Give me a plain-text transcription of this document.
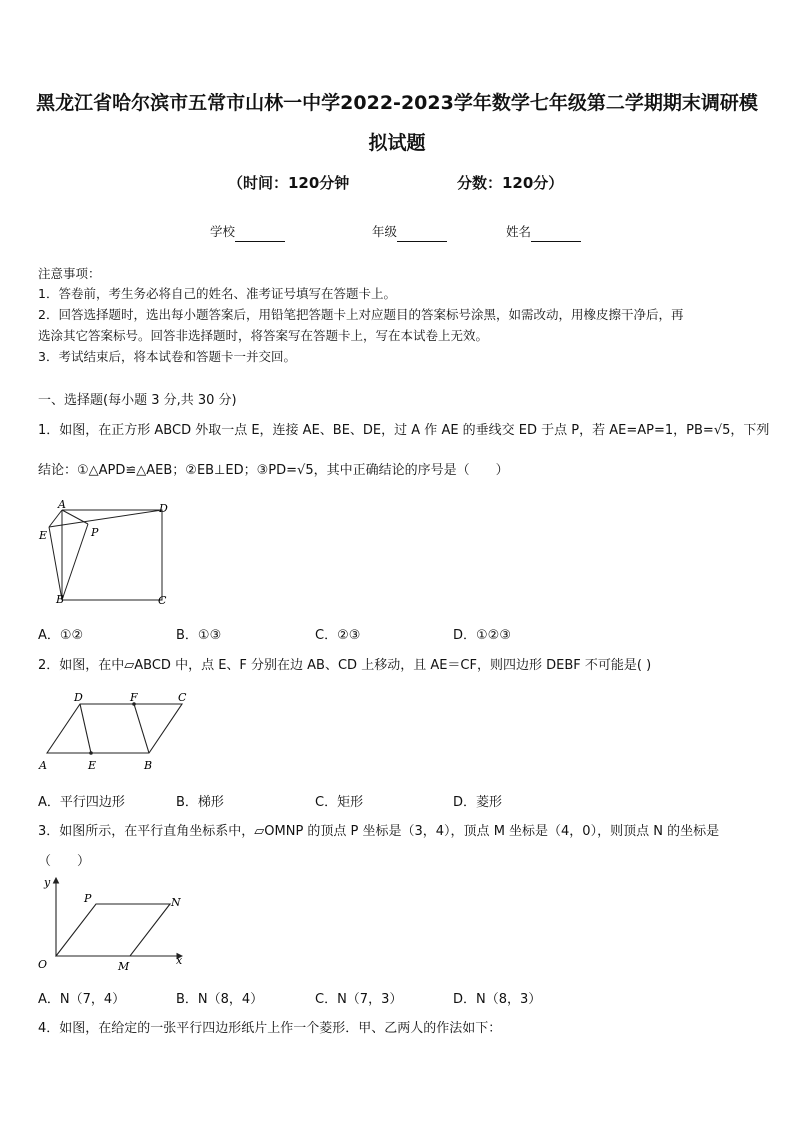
黑龙江省哈尔滨市五常市山林一中学2022-2023学年数学七年级第二学期期末调研模
拟试题
（时间：120分钟	分数：120分）
学校	年级	姓名
注意事项：
1．答卷前，考生务必将自己的姓名、准考证号填写在答题卡上。
2．回答选择题时，选出每小题答案后，用铅笔把答题卡上对应题目的答案标号涂黑，如需改动，用橡皮擦干净后，再
选涂其它答案标号。回答非选择题时，将答案写在答题卡上，写在本试卷上无效。
3．考试结束后，将本试卷和答题卡一并交回。
一、选择题(每小题 3 分,共 30 分)
1．如图，在正方形 ABCD 外取一点 E，连接 AE、BE、DE，过 A 作 AE 的垂线交 ED 于点 P，若 AE=AP=1，PB=√5，下列
结论：①△APD≌△AEB；②EB⊥ED；③PD=√5，其中正确结论的序号是（　　）
A	D
E	P
B	C
A．①②	B．①③	C．②③	D．①②③
2．如图，在中▱ABCD 中，点 E、F 分别在边 AB、CD 上移动，且 AE＝CF，则四边形 DEBF 不可能是( )
D	F	C
A	E	B
A．平行四边形	B．梯形	C．矩形	D．菱形
3．如图所示，在平行直角坐标系中，▱OMNP 的顶点 P 坐标是（3，4），顶点 M 坐标是（4，0），则顶点 N 的坐标是
（　　）
y
P	N
O	M	x
A．N（7，4）	B．N（8，4）	C．N（7，3）	D．N（8，3）
4．如图，在给定的一张平行四边形纸片上作一个菱形．甲、乙两人的作法如下：
